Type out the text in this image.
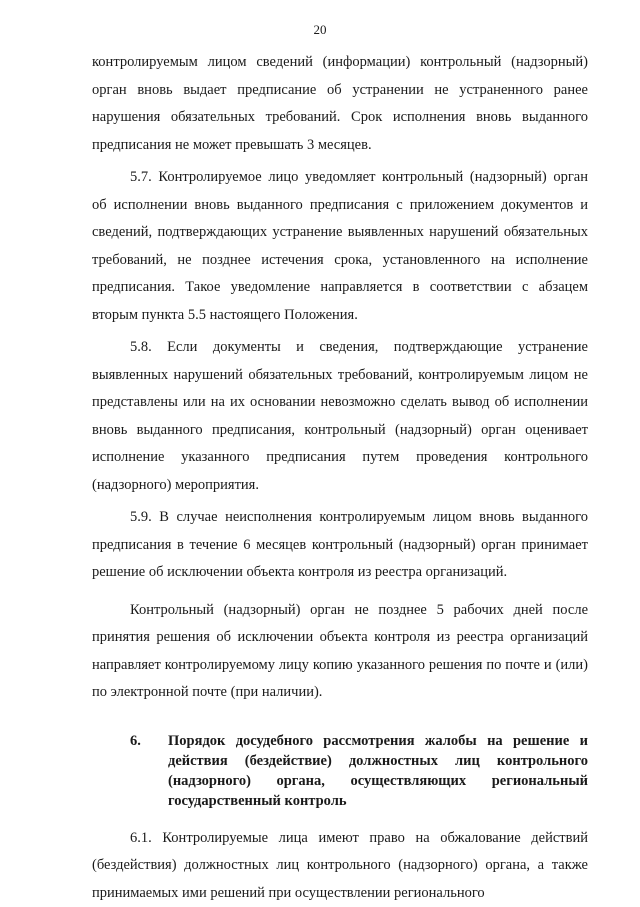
20

контролируемым лицом сведений (информации) контрольный (надзорный) орган вновь выдает предписание об устранении не устраненного ранее нарушения обязательных требований. Срок исполнения вновь выданного предписания не может превышать 3 месяцев.

5.7. Контролируемое лицо уведомляет контрольный (надзорный) орган об исполнении вновь выданного предписания с приложением документов и сведений, подтверждающих устранение выявленных нарушений обязательных требований, не позднее истечения срока, установленного на исполнение предписания. Такое уведомление направляется в соответствии с абзацем вторым пункта 5.5 настоящего Положения.

5.8. Если документы и сведения, подтверждающие устранение выявленных нарушений обязательных требований, контролируемым лицом не представлены или на их основании невозможно сделать вывод об исполнении вновь выданного предписания, контрольный (надзорный) орган оценивает исполнение указанного предписания путем проведения контрольного (надзорного) мероприятия.

5.9. В случае неисполнения контролируемым лицом вновь выданного предписания в течение 6 месяцев контрольный (надзорный) орган принимает решение об исключении объекта контроля из реестра организаций.

Контрольный (надзорный) орган не позднее 5 рабочих дней после принятия решения об исключении объекта контроля из реестра организаций направляет контролируемому лицу копию указанного решения по почте и (или) по электронной почте (при наличии).

6.	Порядок досудебного рассмотрения жалобы на решение и действия (бездействие) должностных лиц контрольного (надзорного) органа, осуществляющих региональный государственный контроль

6.1. Контролируемые лица имеют право на обжалование действий (бездействия) должностных лиц контрольного (надзорного) органа, а также принимаемых ими решений при осуществлении регионального
